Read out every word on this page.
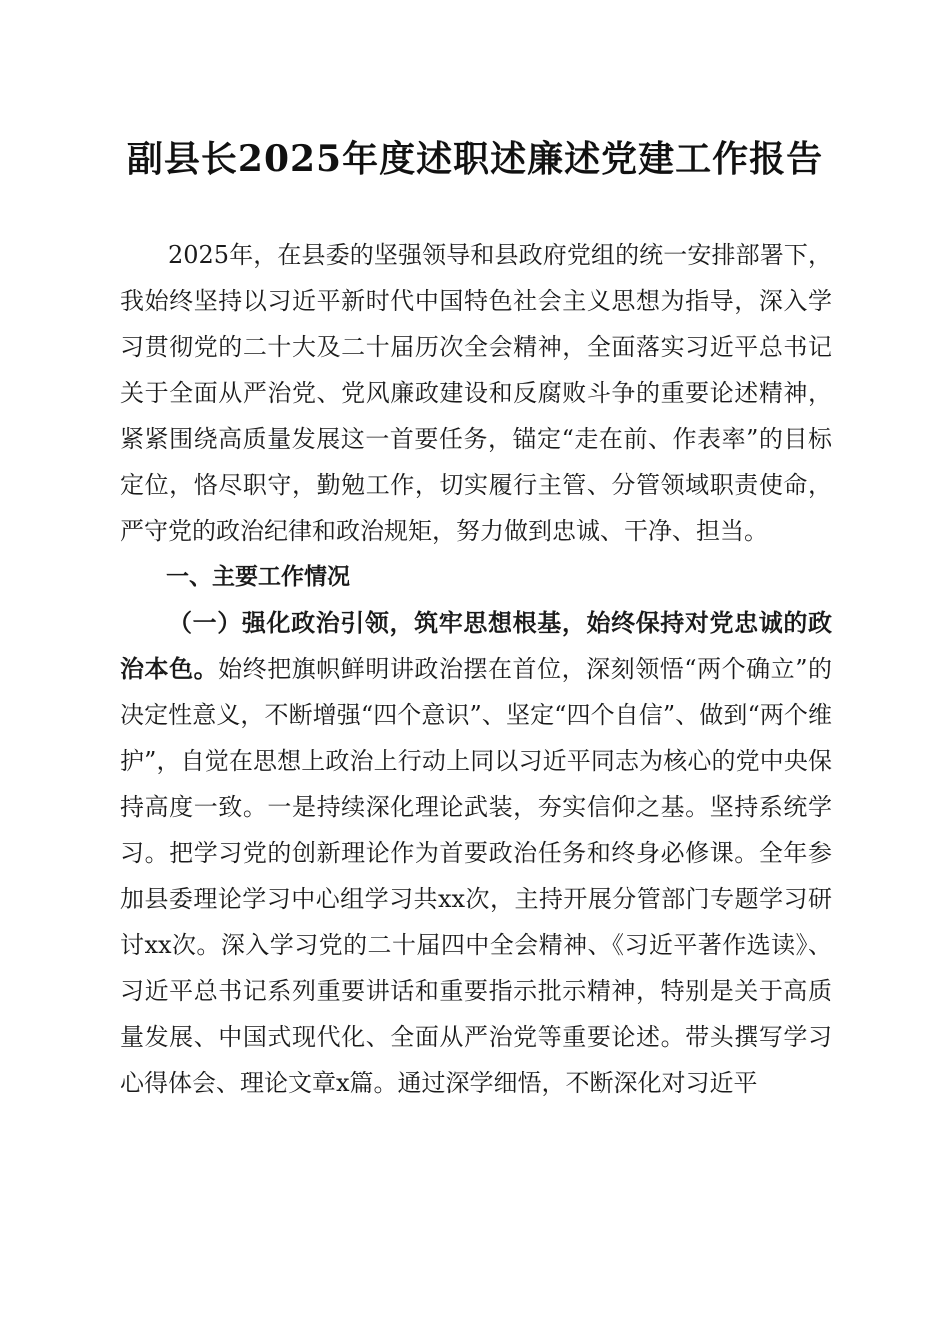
副县长2025年度述职述廉述党建工作报告

2025年，在县委的坚强领导和县政府党组的统一安排部署下，我始终坚持以习近平新时代中国特色社会主义思想为指导，深入学习贯彻党的二十大及二十届历次全会精神，全面落实习近平总书记关于全面从严治党、党风廉政建设和反腐败斗争的重要论述精神，紧紧围绕高质量发展这一首要任务，锚定“走在前、作表率”的目标定位，恪尽职守，勤勉工作，切实履行主管、分管领域职责使命，严守党的政治纪律和政治规矩，努力做到忠诚、干净、担当。

一、主要工作情况

（一）强化政治引领，筑牢思想根基，始终保持对党忠诚的政治本色。始终把旗帜鲜明讲政治摆在首位，深刻领悟“两个确立”的决定性意义，不断增强“四个意识”、坚定“四个自信”、做到“两个维护”，自觉在思想上政治上行动上同以习近平同志为核心的党中央保持高度一致。一是持续深化理论武装，夯实信仰之基。坚持系统学习。把学习党的创新理论作为首要政治任务和终身必修课。全年参加县委理论学习中心组学习共xx次，主持开展分管部门专题学习研讨xx次。深入学习党的二十届四中全会精神、《习近平著作选读》、习近平总书记系列重要讲话和重要指示批示精神，特别是关于高质量发展、中国式现代化、全面从严治党等重要论述。带头撰写学习心得体会、理论文章x篇。通过深学细悟，不断深化对习近平
